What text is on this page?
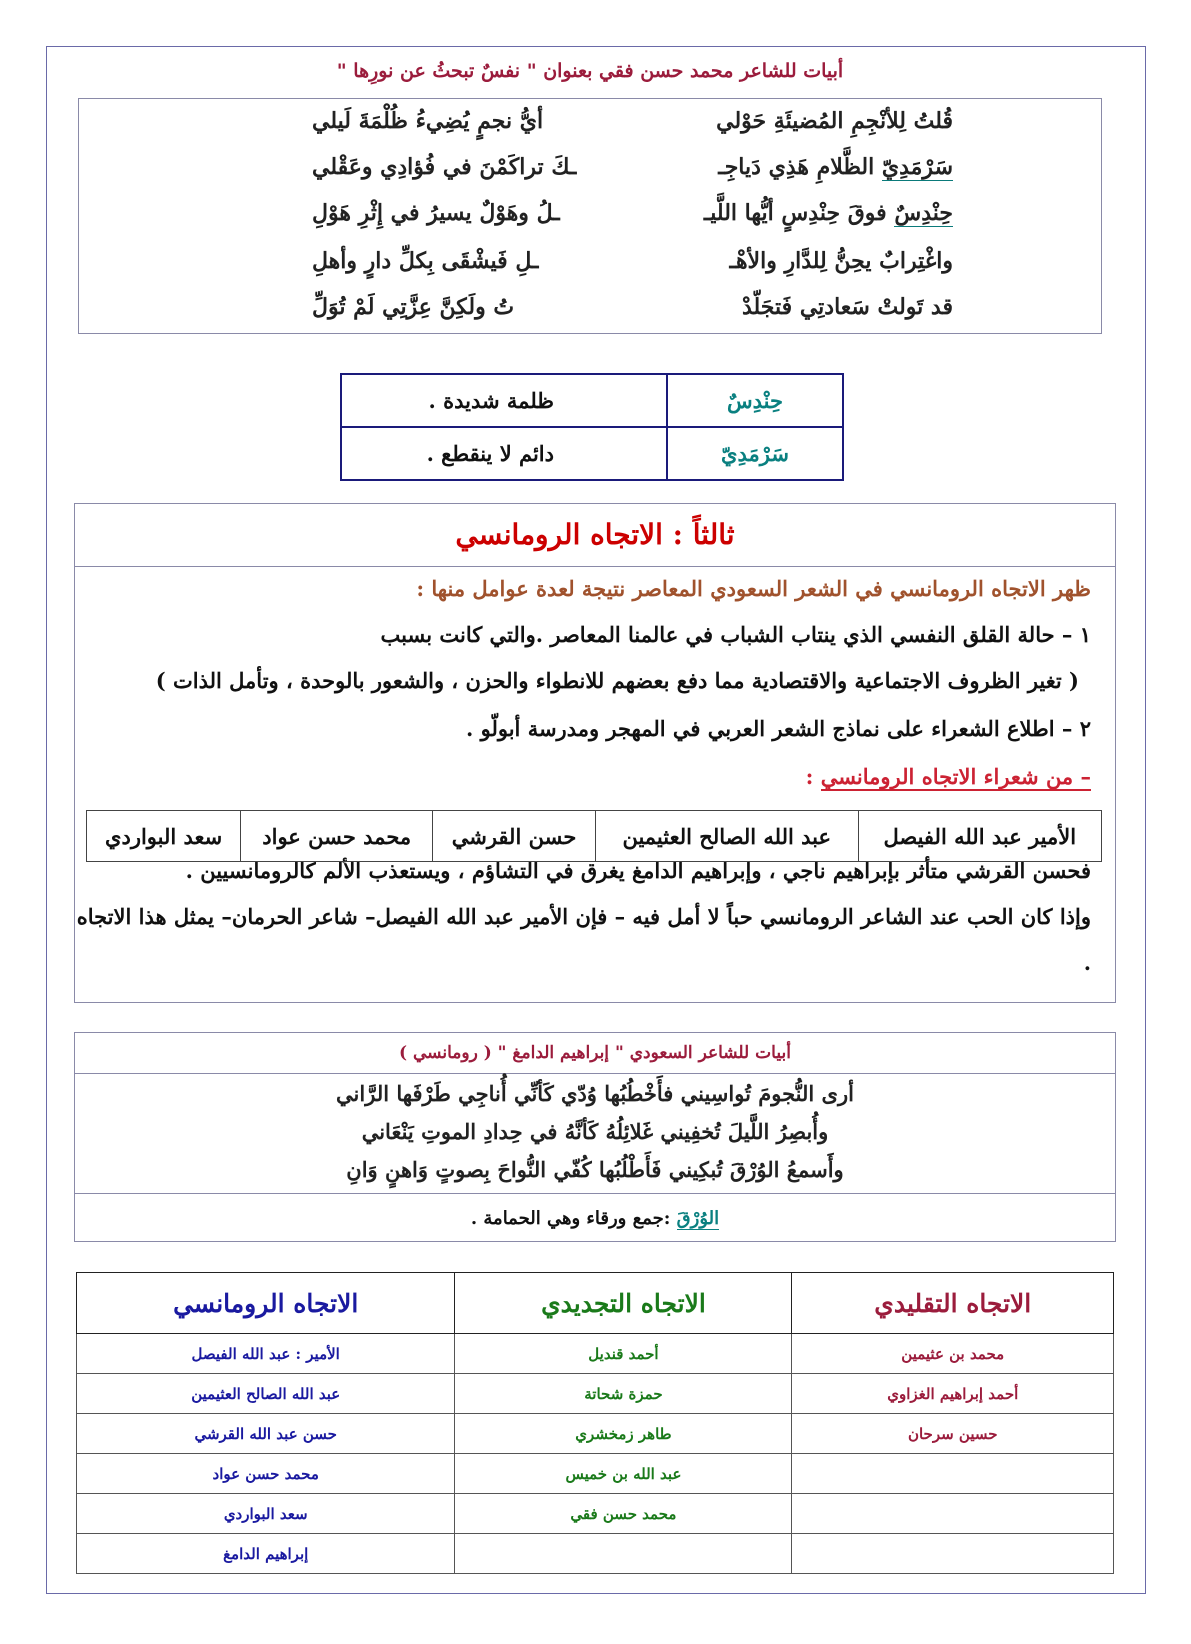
أبيات للشاعر محمد حسن فقي بعنوان " نفسٌ تبحثُ عن نورِها "
قُلتُ لِلأنْجِمِ المُضيئَةِ حَوْلي
أيُّ نجمٍ يُضِيءُ ظُلْمَةَ لَيلي
سَرْمَدِيّ الظَّلامِ هَذِي دَياجِـ
ـكَ تراكَمْنَ في فُؤادِي وعَقْلي
حِنْدِسٌ فوقَ حِنْدِسٍ أيُّها اللَّيـ
ـلُ وهَوْلٌ يسيرُ في إِثْرِ هَوْلِ
واغْتِرابٌ يحِنُّ لِلدَّارِ والأهْـ
ـلِ فَيشْقَى بِكلِّ دارٍ وأهلِ
قد تَولتْ سَعادتِي فَتجَلّدْ
تُ ولَكِنَّ عِزَّتِي لَمْ تُوَلِّ
حِنْدِسٌ	ظلمة شديدة .
سَرْمَدِيّ	دائم لا ينقطع .
ثالثاً : الاتجاه الرومانسي
ظهر الاتجاه الرومانسي في الشعر السعودي المعاصر نتيجة لعدة عوامل منها :
١ – حالة القلق النفسي الذي ينتاب الشباب في عالمنا المعاصر .والتي كانت بسبب
( تغير الظروف الاجتماعية والاقتصادية مما دفع بعضهم للانطواء والحزن ، والشعور بالوحدة ، وتأمل الذات )
٢ – اطلاع الشعراء على نماذج الشعر العربي في المهجر ومدرسة أبولّو .
– من شعراء الاتجاه الرومانسي :
فحسن القرشي متأثر بإبراهيم ناجي ، وإبراهيم الدامغ يغرق في التشاؤم ، ويستعذب الألم كالرومانسيين .
وإذا كان الحب عند الشاعر الرومانسي حباً لا أمل فيه – فإن الأمير عبد الله الفيصل– شاعر الحرمان– يمثل هذا الاتجاه
.
الأمير عبد الله الفيصل	عبد الله الصالح العثيمين	حسن القرشي	محمد حسن عواد	سعد البواردي
أبيات للشاعر السعودي " إبراهيم الدامغ " ( رومانسي )
أرى النُّجومَ تُواسِيني فأَخْطُبُها وُدّي كَأنِّي أُناجِي طَرْفَها الرَّاني
وأُبصِرُ اللَّيلَ تُخفِيني غَلائِلُهُ كَأنَّهُ في حِدادِ الموتِ يَنْعَاني
وأَسمعُ الوُرْقَ تُبكِيني فَأَطْلُبُها كُفّي النُّواحَ بِصوتٍ وَاهنٍ وَانِ
الوُرْقَ :جمع ورقاء وهي الحمامة .
الاتجاه التقليدي	الاتجاه التجديدي	الاتجاه الرومانسي
محمد بن عثيمين	أحمد قنديل	الأمير : عبد الله الفيصل
أحمد إبراهيم الغزاوي	حمزة شحاتة	عبد الله الصالح العثيمين
حسين سرحان	طاهر زمخشري	حسن عبد الله القرشي
	عبد الله بن خميس	محمد حسن عواد
	محمد حسن فقي	سعد البواردي
		إبراهيم الدامغ
